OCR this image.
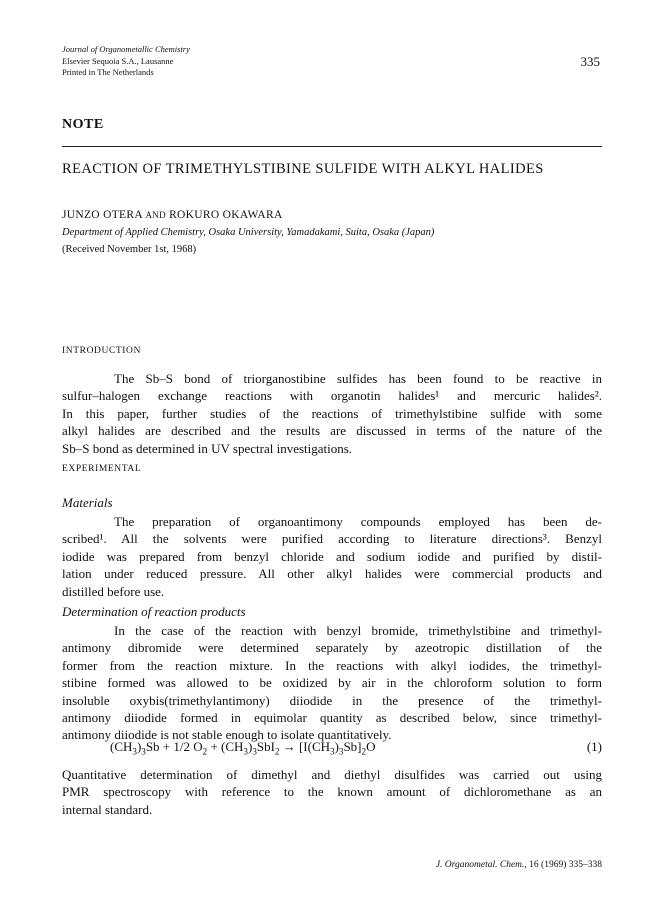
Journal of Organometallic Chemistry
Elsevier Sequoia S.A., Lausanne
Printed in The Netherlands
335
NOTE
REACTION OF TRIMETHYLSTIBINE SULFIDE WITH ALKYL HALIDES
JUNZO OTERA AND ROKURO OKAWARA
Department of Applied Chemistry, Osaka University, Yamadakami, Suita, Osaka (Japan)
(Received November 1st, 1968)
INTRODUCTION
The Sb–S bond of triorganostibine sulfides has been found to be reactive in
sulfur–halogen exchange reactions with organotin halides¹ and mercuric halides².
In this paper, further studies of the reactions of trimethylstibine sulfide with some
alkyl halides are described and the results are discussed in terms of the nature of the
Sb–S bond as determined in UV spectral investigations.
EXPERIMENTAL
Materials
The preparation of organoantimony compounds employed has been de-
scribed¹. All the solvents were purified according to literature directions³. Benzyl
iodide was prepared from benzyl chloride and sodium iodide and purified by distil-
lation under reduced pressure. All other alkyl halides were commercial products and
distilled before use.
Determination of reaction products
In the case of the reaction with benzyl bromide, trimethylstibine and trimethyl-
antimony dibromide were determined separately by azeotropic distillation of the
former from the reaction mixture. In the reactions with alkyl iodides, the trimethyl-
stibine formed was allowed to be oxidized by air in the chloroform solution to form
insoluble oxybis(trimethylantimony) diiodide in the presence of the trimethyl-
antimony diiodide formed in equimolar quantity as described below, since trimethyl-
antimony diiodide is not stable enough to isolate quantitatively.
$(CH_3)_3Sb + 1/2$ $O_2 + (CH_3)_3SbI_2 \to [I(CH_3)_3Sb]_2O$	(1)
Quantitative determination of dimethyl and diethyl disulfides was carried out using
PMR spectroscopy with reference to the known amount of dichloromethane as an
internal standard.
J. Organometal. Chem., 16 (1969) 335–338
